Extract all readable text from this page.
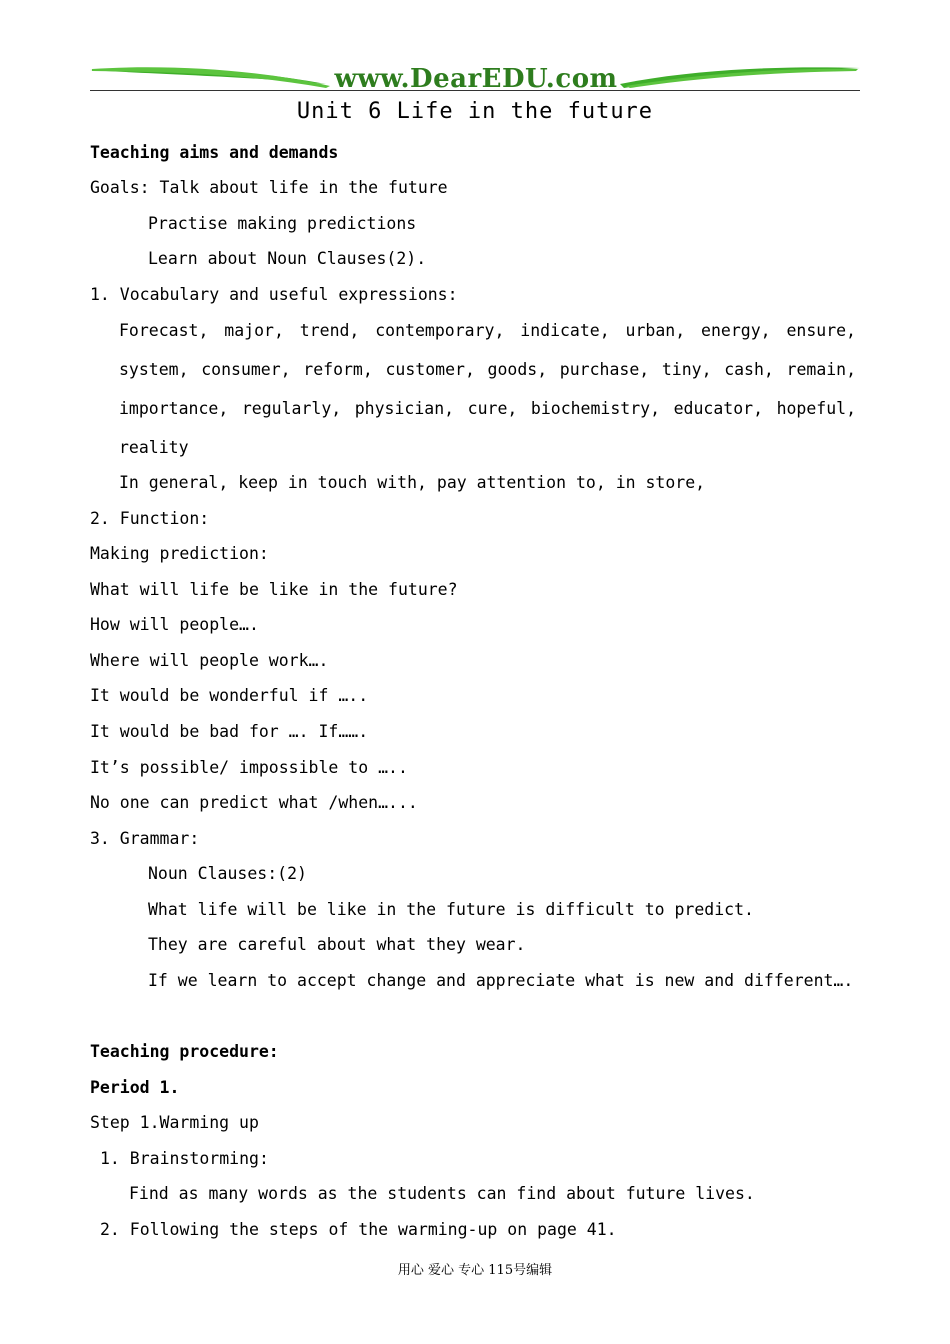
www.DearEDU.com
Unit 6 Life in the future
Teaching aims and demands
Goals: Talk about life in the future
Practise making predictions
Learn about Noun Clauses(2).
1. Vocabulary and useful expressions:
Forecast, major, trend, contemporary, indicate, urban, energy, ensure,
system, consumer, reform, customer, goods, purchase, tiny, cash, remain,
importance, regularly, physician, cure, biochemistry, educator, hopeful,
reality
In general, keep in touch with, pay attention to, in store,
2. Function:
Making prediction:
What will life be like in the future?
How will people….
Where will people work….
It would be wonderful if …..
It would be bad for …. If…….
It’s possible/ impossible to …..
No one can predict what /when…...
3. Grammar:
Noun Clauses:(2)
What life will be like in the future is difficult to predict.
They are careful about what they wear.
If we learn to accept change and appreciate what is new and different….
Teaching procedure:
Period 1.
Step 1.Warming up
1. Brainstorming:
Find as many words as the students can find about future lives.
2. Following the steps of the warming-up on page 41.
用心 爱心 专心 115号编辑
